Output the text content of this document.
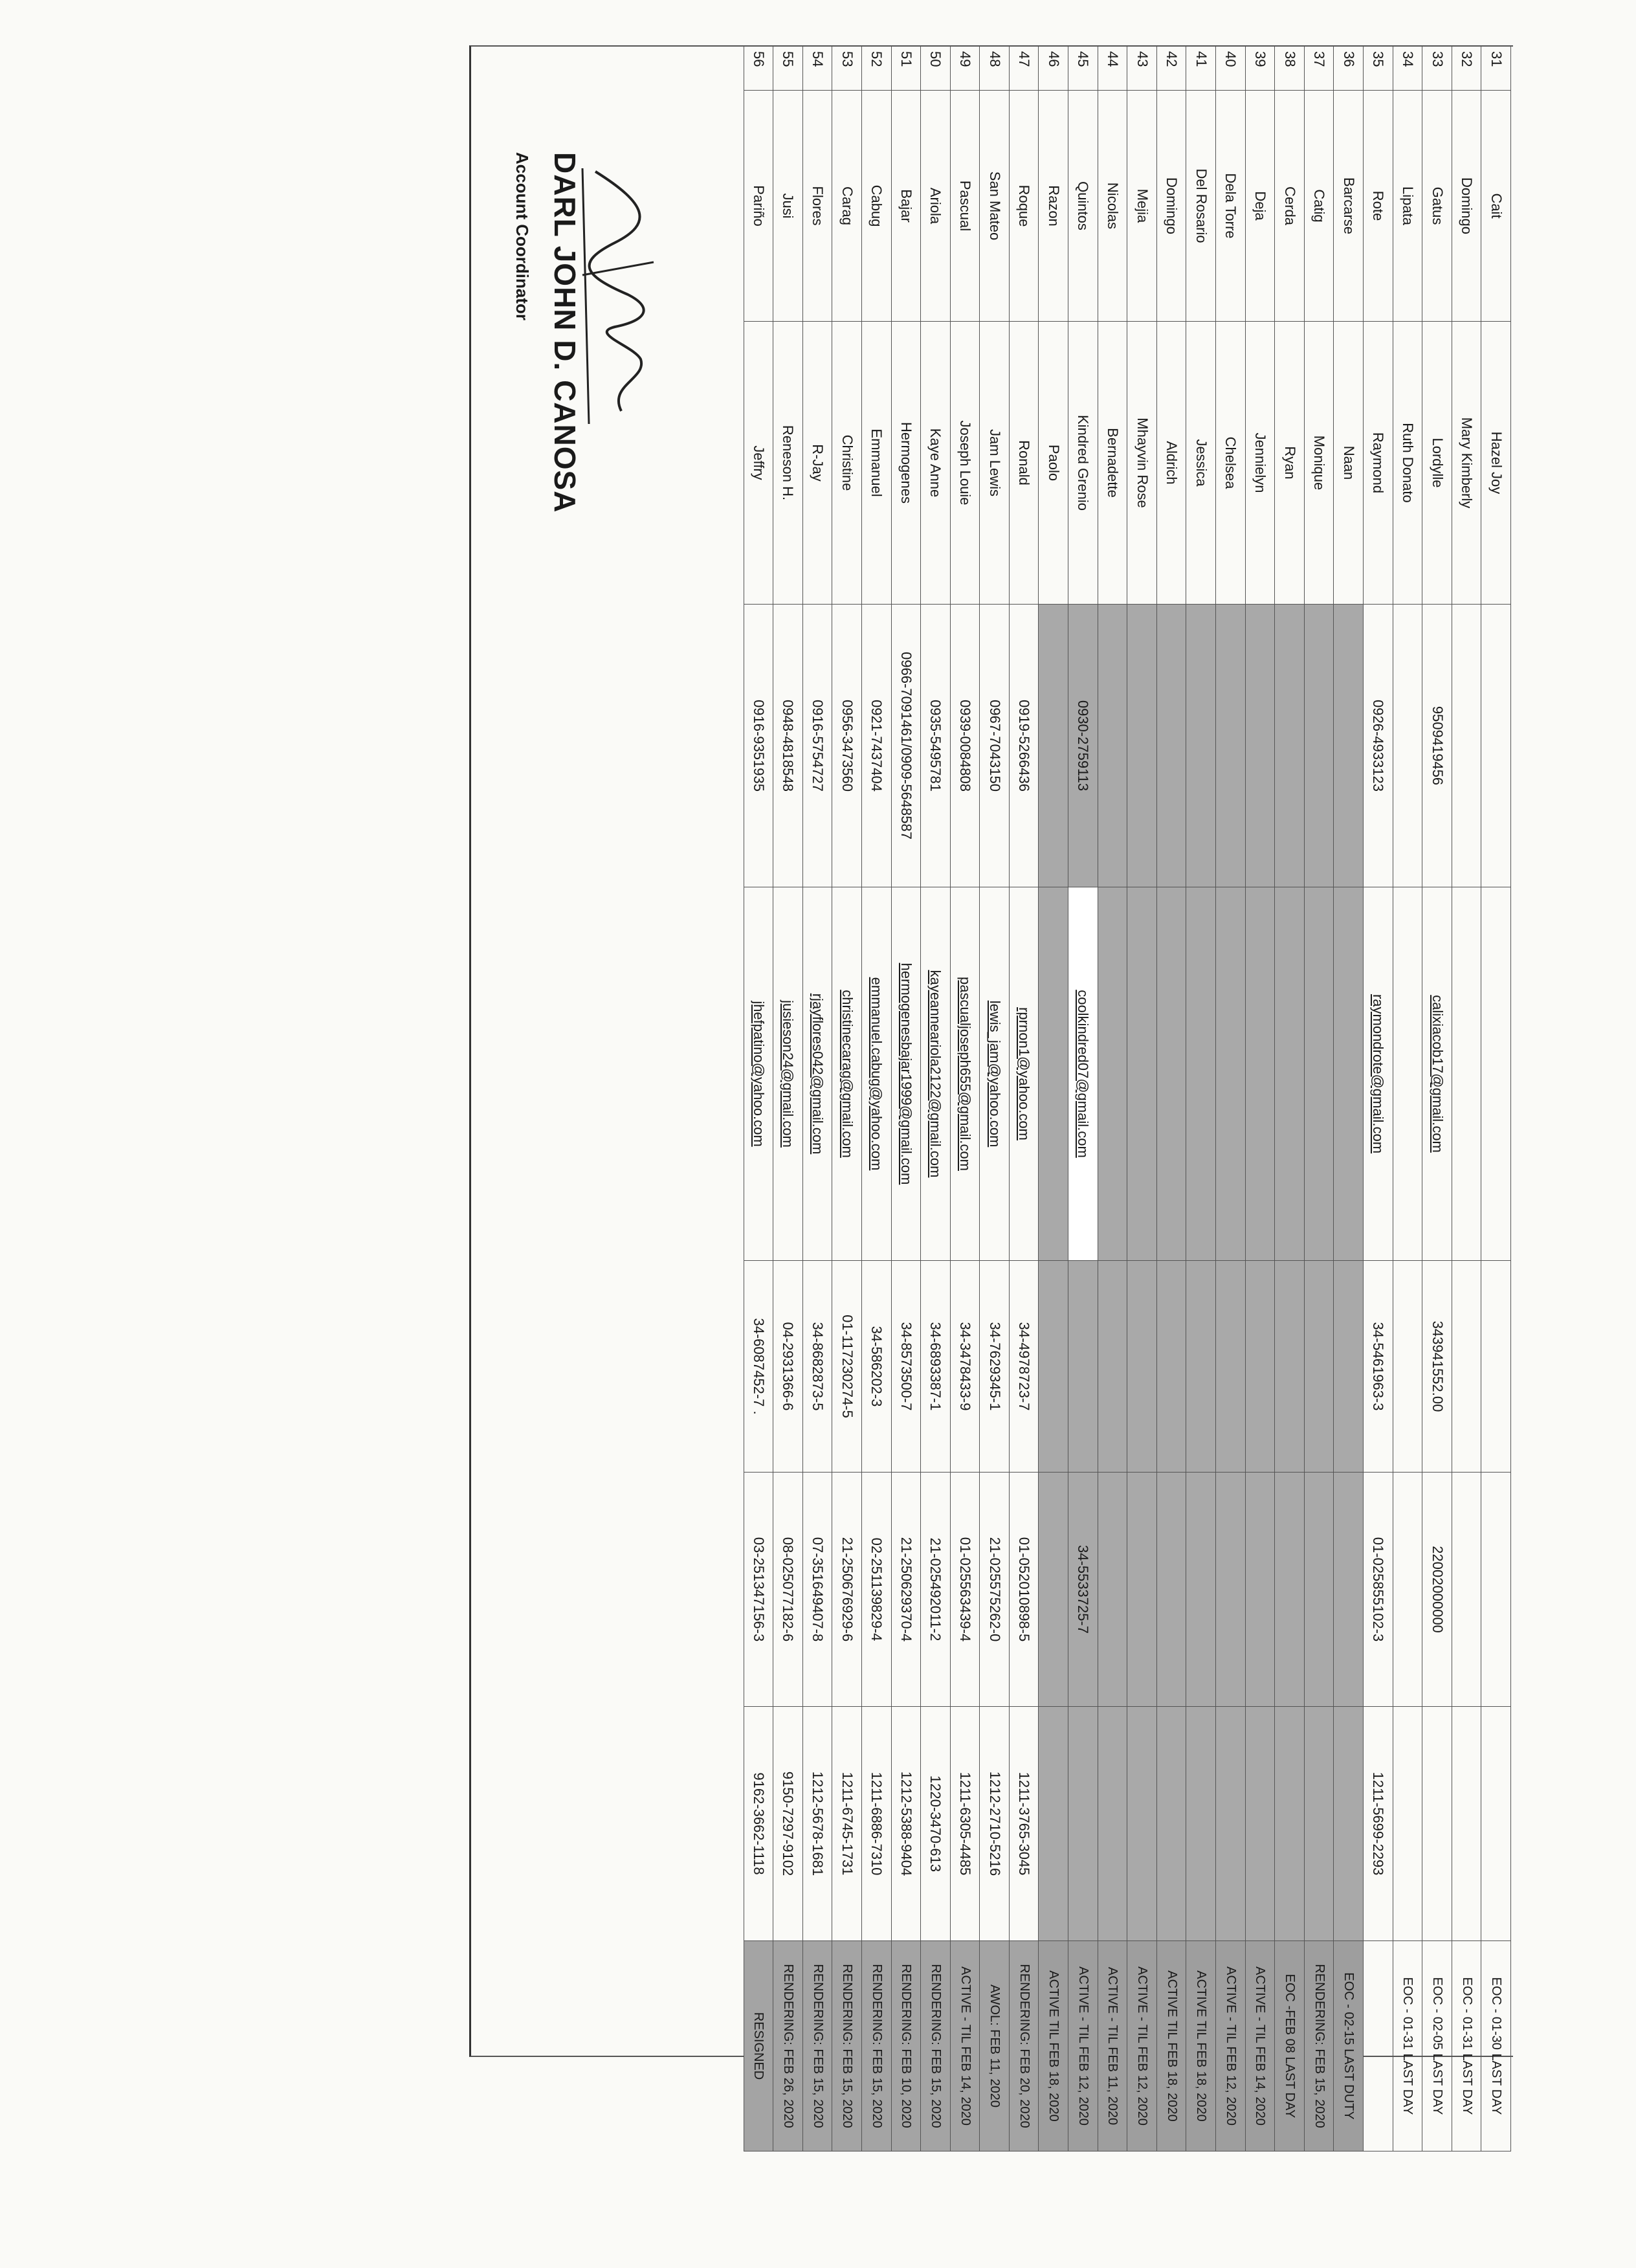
31	Cait	Hazel Joy						EOC - 01-30 LAST DAY
32	Domingo	Mary Kimberly						EOC - 01-31 LAST DAY
33	Gatus	Lordylle	9509419456	calixiacob17@gmail.com	343941552.00	22002000000		EOC - 02-05 LAST DAY
34	Lipata	Ruth Donato						EOC - 01-31 LAST DAY
35	Rote	Raymond	0926-4933123	raymondrote@gmail.com	34-5461963-3	01-025855102-3	1211-5699-2293	
36	Barcarse	Naan						EOC - 02-15 LAST DUTY
37	Catig	Monique						RENDERING: FEB 15, 2020
38	Cerda	Ryan						EOC -FEB 08 LAST DAY
39	Deja	Jennielyn						ACTIVE - TIL FEB 14, 2020
40	Dela Torre	Chelsea						ACTIVE - TIL FEB 12, 2020
41	Del Rosario	Jessica						ACTIVE TIL FEB 18, 2020
42	Domingo	Aldrich						ACTIVE TIL FEB 18, 2020
43	Mejia	Mhayvin Rose						ACTIVE - TIL FEB 12, 2020
44	Nicolas	Bernadette						ACTIVE - TIL FEB 11, 2020
45	Quintos	Kindred Grenio	0930-2759113	coolkindred07@gmail.com		34-5533725-7		ACTIVE - TIL FEB 12, 2020
46	Razon	Paolo						ACTIVE TIL FEB 18, 2020
47	Roque	Ronald	0919-5266436	rprnon1@yahoo.com	34-4978723-7	01-052010898-5	1211-3765-3045	RENDERING: FEB 20, 2020
48	San Mateo	Jam Lewis	0967-7043150	lewis_jam@yahoo.com	34-7629345-1	21-025575262-0	1212-2710-5216	AWOL: FEB 11, 2020
49	Pascual	Joseph Louie	0939-0084808	pascualjoseph655@gmail.com	34-3478433-9	01-025563439-4	1211-6305-4485	ACTIVE - TIL FEB 14, 2020
50	Ariola	Kaye Anne	0935-5495781	kayeanneariola2122@gmail.com	34-6893387-1	21-025492011-2	1220-3470-613	RENDERING: FEB 15, 2020
51	Bajar	Hermogenes	0966-7091461/0909-5648587	hermogenesbajar1999@gmail.com	34-8573500-7	21-250629370-4	1212-5388-9404	RENDERING: FEB 10, 2020
52	Cabug	Emmanuel	0921-7437404	emmanuel.cabug@yahoo.com	34-586202-3	02-251139829-4	1211-6886-7310	RENDERING: FEB 15, 2020
53	Carag	Christine	0956-3473560	christinecarag@gmail.com	01-1172302​74-5	21-250676929-6	1211-6745-1731	RENDERING: FEB 15, 2020
54	Flores	R-Jay	0916-5754727	rjayflores042@gmail.com	34-8682873-5	07-351649407-8	1212-5678-1681	RENDERING: FEB 15, 2020
55	Jusi	Reneson H.	0948-4818548	jusieson24@gmail.com	04-2931366-6	08-025077182-6	9150-7297-9102	RENDERING: FEB 26, 2020
56	Pariño	Jeffry	0916-9351935	jhefpatino@yahoo.com	34-6087452-7 .	03-251347156-3	9162-3662-1118	RESIGNED
DARL JOHN D. CANOSA
Account Coordinator
